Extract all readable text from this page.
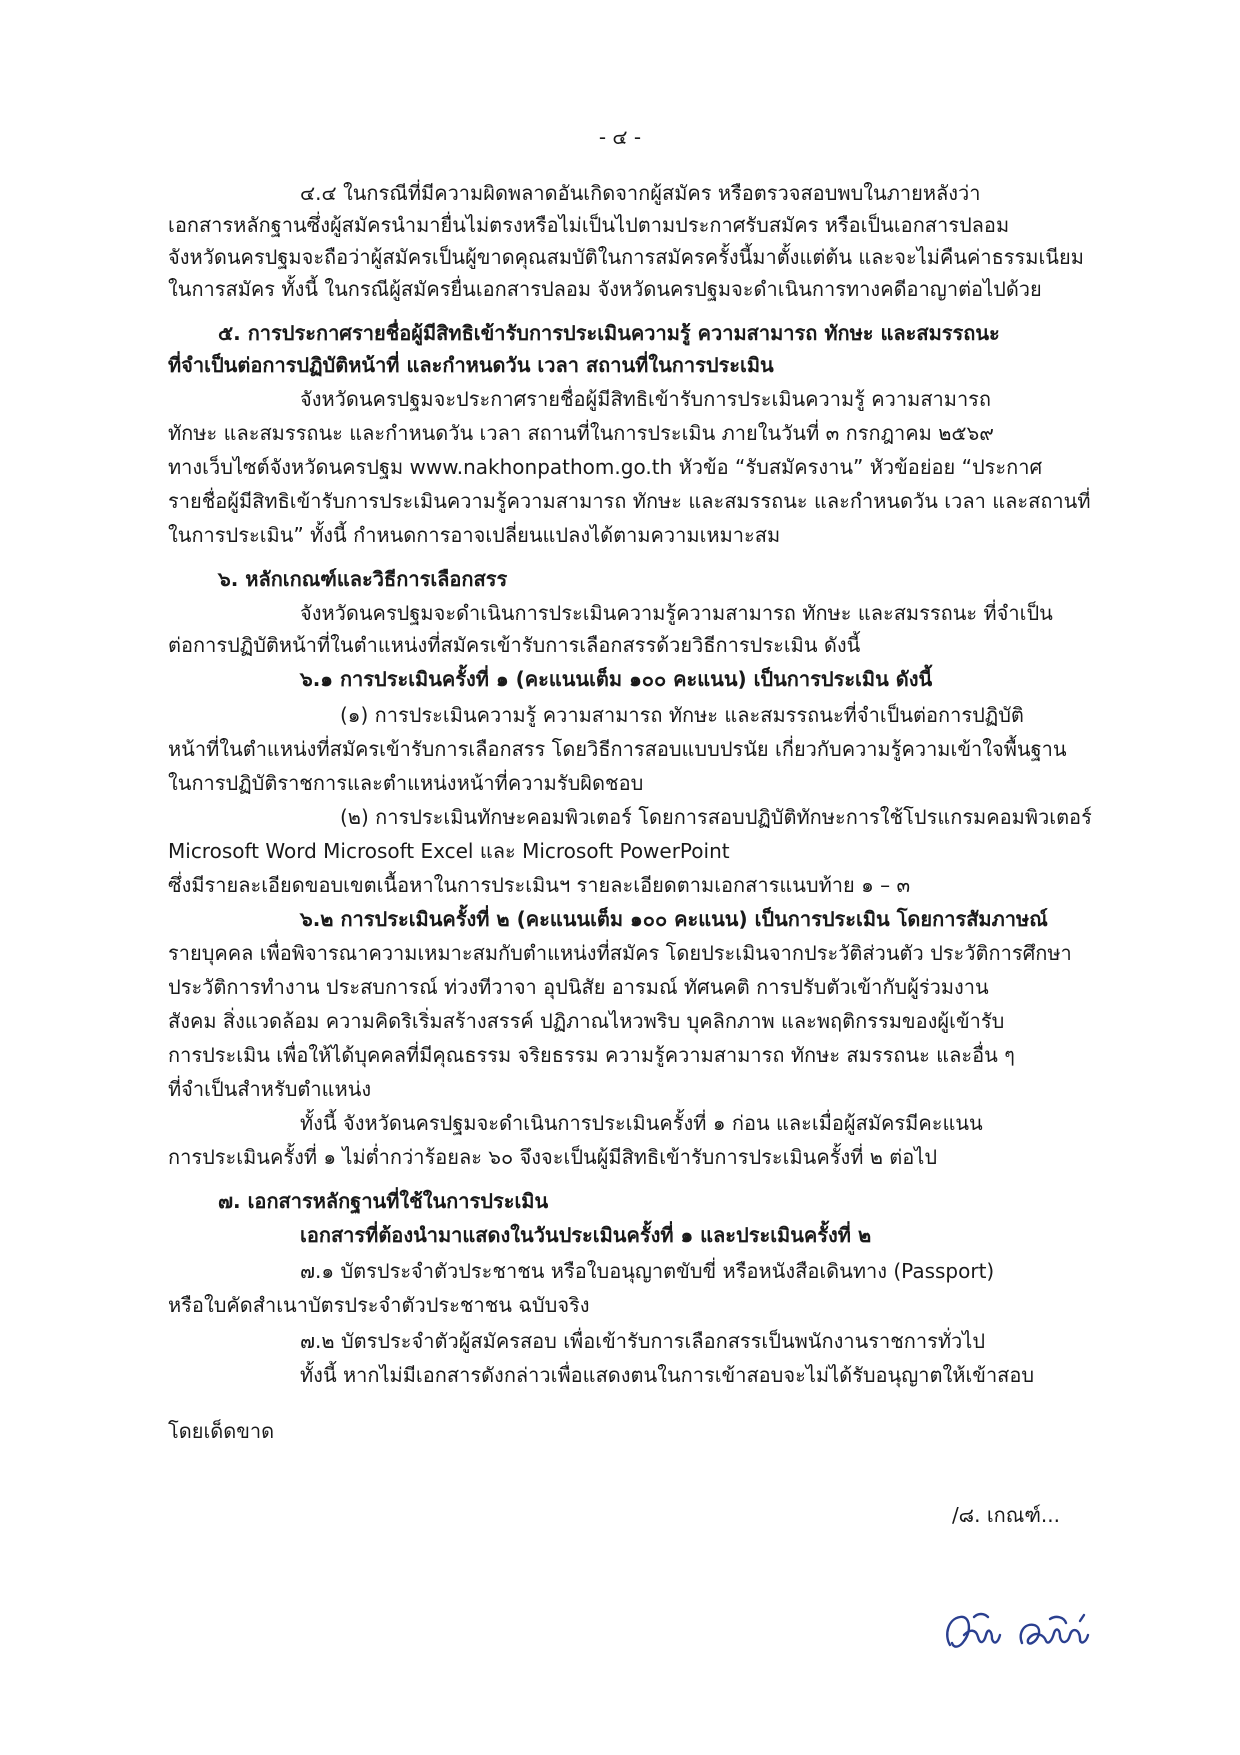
- ๔ -

๔.๔ ในกรณีที่มีความผิดพลาดอันเกิดจากผู้สมัคร หรือตรวจสอบพบในภายหลังว่า

เอกสารหลักฐานซึ่งผู้สมัครนำมายื่นไม่ตรงหรือไม่เป็นไปตามประกาศรับสมัคร หรือเป็นเอกสารปลอม

จังหวัดนครปฐมจะถือว่าผู้สมัครเป็นผู้ขาดคุณสมบัติในการสมัครครั้งนี้มาตั้งแต่ต้น และจะไม่คืนค่าธรรมเนียม

ในการสมัคร ทั้งนี้ ในกรณีผู้สมัครยื่นเอกสารปลอม จังหวัดนครปฐมจะดำเนินการทางคดีอาญาต่อไปด้วย

๕. การประกาศรายชื่อผู้มีสิทธิเข้ารับการประเมินความรู้ ความสามารถ ทักษะ และสมรรถนะ

ที่จำเป็นต่อการปฏิบัติหน้าที่ และกำหนดวัน เวลา สถานที่ในการประเมิน

จังหวัดนครปฐมจะประกาศรายชื่อผู้มีสิทธิเข้ารับการประเมินความรู้ ความสามารถ

ทักษะ และสมรรถนะ และกำหนดวัน เวลา สถานที่ในการประเมิน ภายในวันที่ ๓ กรกฎาคม ๒๕๖๙

ทางเว็บไซต์จังหวัดนครปฐม www.nakhonpathom.go.th หัวข้อ “รับสมัครงาน” หัวข้อย่อย “ประกาศ

รายชื่อผู้มีสิทธิเข้ารับการประเมินความรู้ความสามารถ ทักษะ และสมรรถนะ และกำหนดวัน เวลา และสถานที่

ในการประเมิน” ทั้งนี้ กำหนดการอาจเปลี่ยนแปลงได้ตามความเหมาะสม

๖. หลักเกณฑ์และวิธีการเลือกสรร

จังหวัดนครปฐมจะดำเนินการประเมินความรู้ความสามารถ ทักษะ และสมรรถนะ ที่จำเป็น

ต่อการปฏิบัติหน้าที่ในตำแหน่งที่สมัครเข้ารับการเลือกสรรด้วยวิธีการประเมิน ดังนี้

๖.๑ การประเมินครั้งที่ ๑ (คะแนนเต็ม ๑๐๐ คะแนน) เป็นการประเมิน ดังนี้

(๑) การประเมินความรู้ ความสามารถ ทักษะ และสมรรถนะที่จำเป็นต่อการปฏิบัติ

หน้าที่ในตำแหน่งที่สมัครเข้ารับการเลือกสรร โดยวิธีการสอบแบบปรนัย เกี่ยวกับความรู้ความเข้าใจพื้นฐาน

ในการปฏิบัติราชการและตำแหน่งหน้าที่ความรับผิดชอบ

(๒) การประเมินทักษะคอมพิวเตอร์ โดยการสอบปฏิบัติทักษะการใช้โปรแกรมคอมพิวเตอร์

Microsoft Word Microsoft Excel และ Microsoft PowerPoint

ซึ่งมีรายละเอียดขอบเขตเนื้อหาในการประเมินฯ รายละเอียดตามเอกสารแนบท้าย ๑ – ๓

๖.๒ การประเมินครั้งที่ ๒ (คะแนนเต็ม ๑๐๐ คะแนน) เป็นการประเมิน โดยการสัมภาษณ์

รายบุคคล เพื่อพิจารณาความเหมาะสมกับตำแหน่งที่สมัคร โดยประเมินจากประวัติส่วนตัว ประวัติการศึกษา

ประวัติการทำงาน ประสบการณ์ ท่วงทีวาจา อุปนิสัย อารมณ์ ทัศนคติ การปรับตัวเข้ากับผู้ร่วมงาน

สังคม สิ่งแวดล้อม ความคิดริเริ่มสร้างสรรค์ ปฏิภาณไหวพริบ บุคลิกภาพ และพฤติกรรมของผู้เข้ารับ

การประเมิน เพื่อให้ได้บุคคลที่มีคุณธรรม จริยธรรม ความรู้ความสามารถ ทักษะ สมรรถนะ และอื่น ๆ

ที่จำเป็นสำหรับตำแหน่ง

ทั้งนี้ จังหวัดนครปฐมจะดำเนินการประเมินครั้งที่ ๑ ก่อน และเมื่อผู้สมัครมีคะแนน

การประเมินครั้งที่ ๑ ไม่ต่ำกว่าร้อยละ ๖๐ จึงจะเป็นผู้มีสิทธิเข้ารับการประเมินครั้งที่ ๒ ต่อไป

๗. เอกสารหลักฐานที่ใช้ในการประเมิน

เอกสารที่ต้องนำมาแสดงในวันประเมินครั้งที่ ๑ และประเมินครั้งที่ ๒

๗.๑ บัตรประจำตัวประชาชน หรือใบอนุญาตขับขี่ หรือหนังสือเดินทาง (Passport)

หรือใบคัดสำเนาบัตรประจำตัวประชาชน ฉบับจริง

๗.๒ บัตรประจำตัวผู้สมัครสอบ เพื่อเข้ารับการเลือกสรรเป็นพนักงานราชการทั่วไป

ทั้งนี้ หากไม่มีเอกสารดังกล่าวเพื่อแสดงตนในการเข้าสอบจะไม่ได้รับอนุญาตให้เข้าสอบ

โดยเด็ดขาด

/๘. เกณฑ์...
